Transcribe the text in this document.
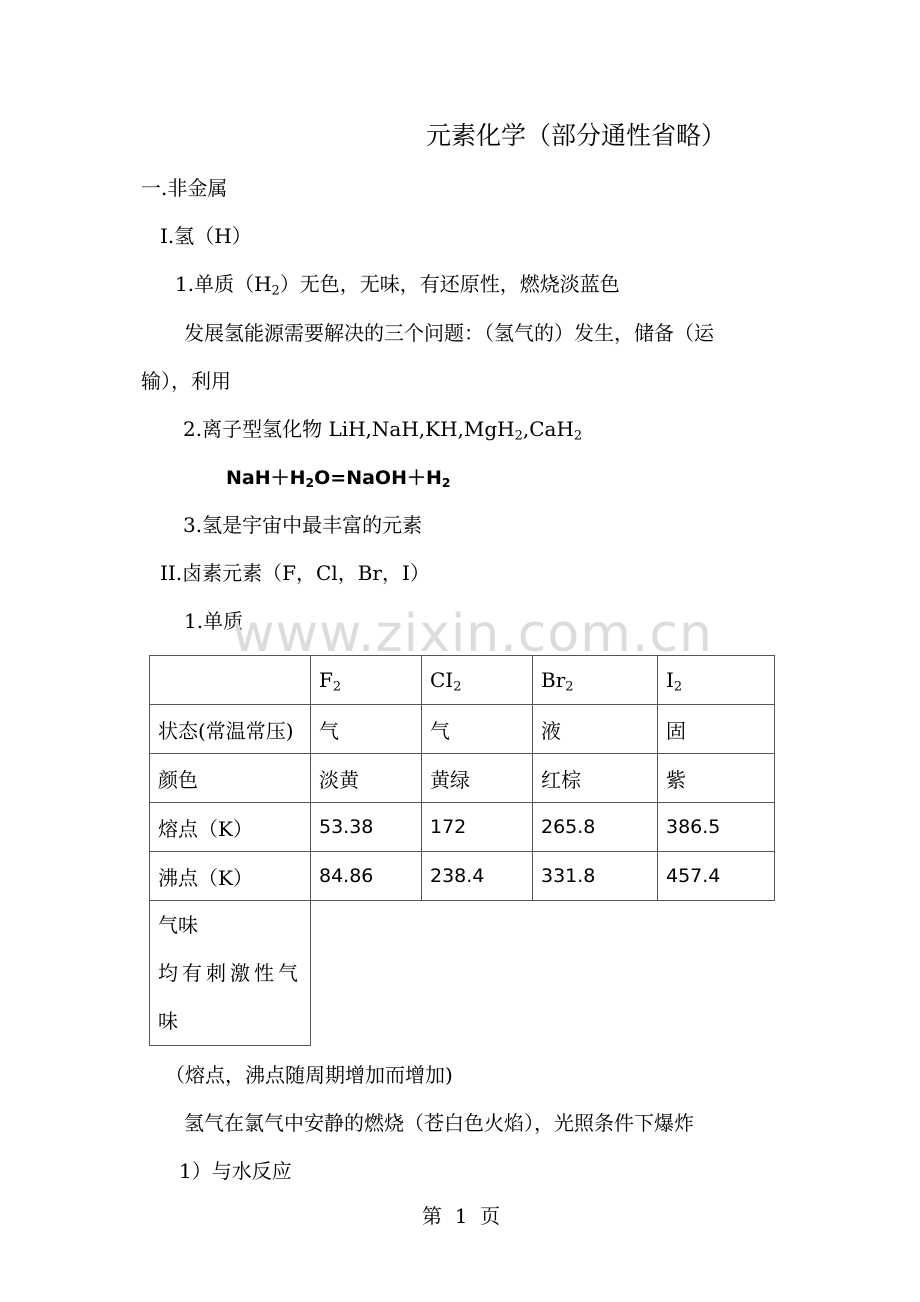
元素化学（部分通性省略）
一.非金属
I.氢（H）
1.单质$(H_2)$无色，无味，有还原性，燃烧淡蓝色
发展氢能源需要解决的三个问题：（氢气的）发生，储备（运
输），利用
2.离子型氢化物 LiH,NaH,KH,MgH$_2$,CaH$_2$
$NaH+H_2O=NaOH+H_2$
3.氢是宇宙中最丰富的元素
II.卤素元素（F，Cl，Br，I）
1.单质
www.zixin.com.cn
	$F_2$	$CI_2$	$Br_2$	$I_2$
状态(常温常压)	气	气	液	固
颜色	淡黄	黄绿	红棕	紫
熔点（K）	53.38	172	265.8	386.5
沸点（K）	84.86	238.4	331.8	457.4

气味
均有刺激性气
味				

（熔点，沸点随周期增加而增加)
氢气在氯气中安静的燃烧（苍白色火焰），光照条件下爆炸
1）与水反应
第  1  页
